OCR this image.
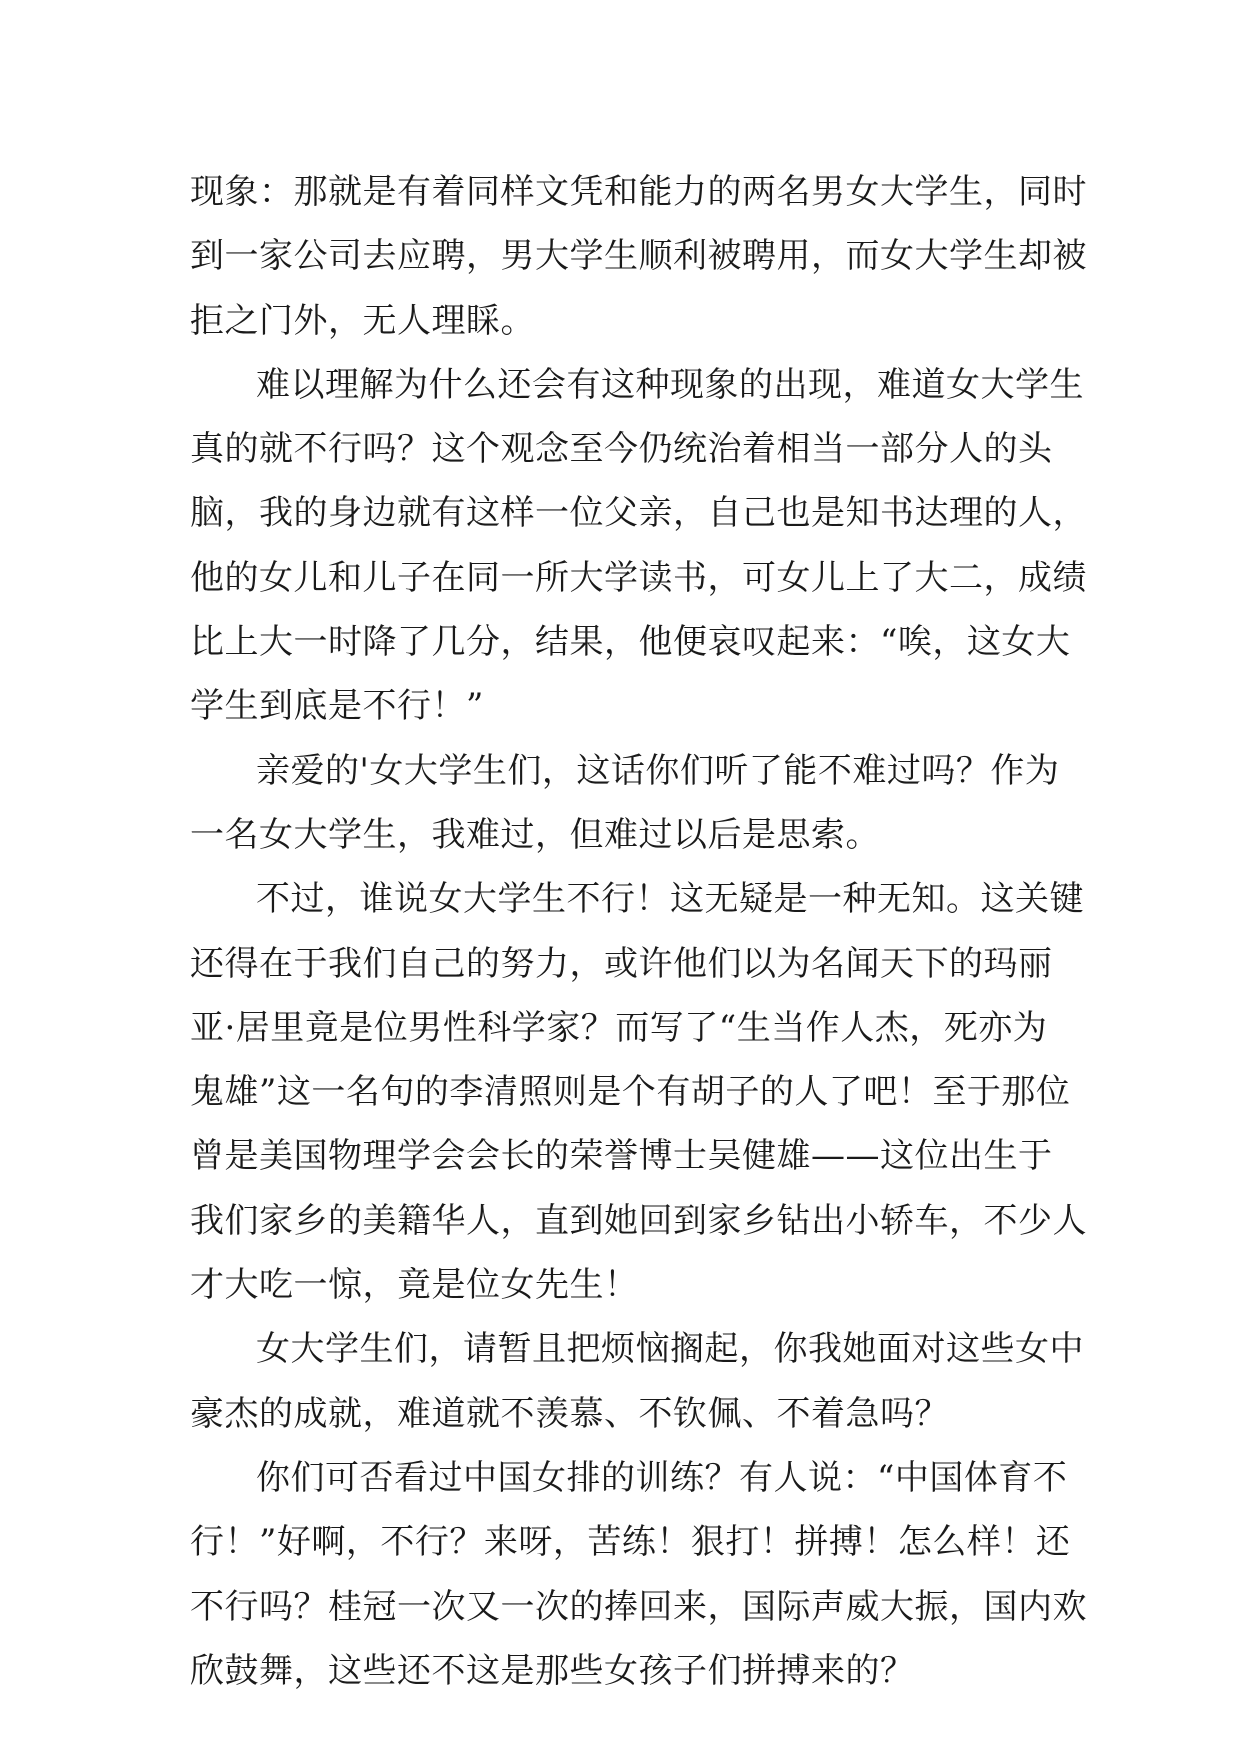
现象：那就是有着同样文凭和能力的两名男女大学生，同时
到一家公司去应聘，男大学生顺利被聘用，而女大学生却被
拒之门外，无人理睬。
难以理解为什么还会有这种现象的出现，难道女大学生
真的就不行吗？这个观念至今仍统治着相当一部分人的头
脑，我的身边就有这样一位父亲，自己也是知书达理的人，
他的女儿和儿子在同一所大学读书，可女儿上了大二，成绩
比上大一时降了几分，结果，他便哀叹起来：“唉，这女大
学生到底是不行！”
亲爱的'女大学生们，这话你们听了能不难过吗？作为
一名女大学生，我难过，但难过以后是思索。
不过，谁说女大学生不行！这无疑是一种无知。这关键
还得在于我们自己的努力，或许他们以为名闻天下的玛丽
亚·居里竟是位男性科学家？而写了“生当作人杰，死亦为
鬼雄”这一名句的李清照则是个有胡子的人了吧！至于那位
曾是美国物理学会会长的荣誉博士吴健雄——这位出生于
我们家乡的美籍华人，直到她回到家乡钻出小轿车，不少人
才大吃一惊，竟是位女先生！
女大学生们，请暂且把烦恼搁起，你我她面对这些女中
豪杰的成就，难道就不羡慕、不钦佩、不着急吗？
你们可否看过中国女排的训练？有人说：“中国体育不
行！”好啊，不行？来呀，苦练！狠打！拼搏！怎么样！还
不行吗？桂冠一次又一次的捧回来，国际声威大振，国内欢
欣鼓舞，这些还不这是那些女孩子们拼搏来的？
